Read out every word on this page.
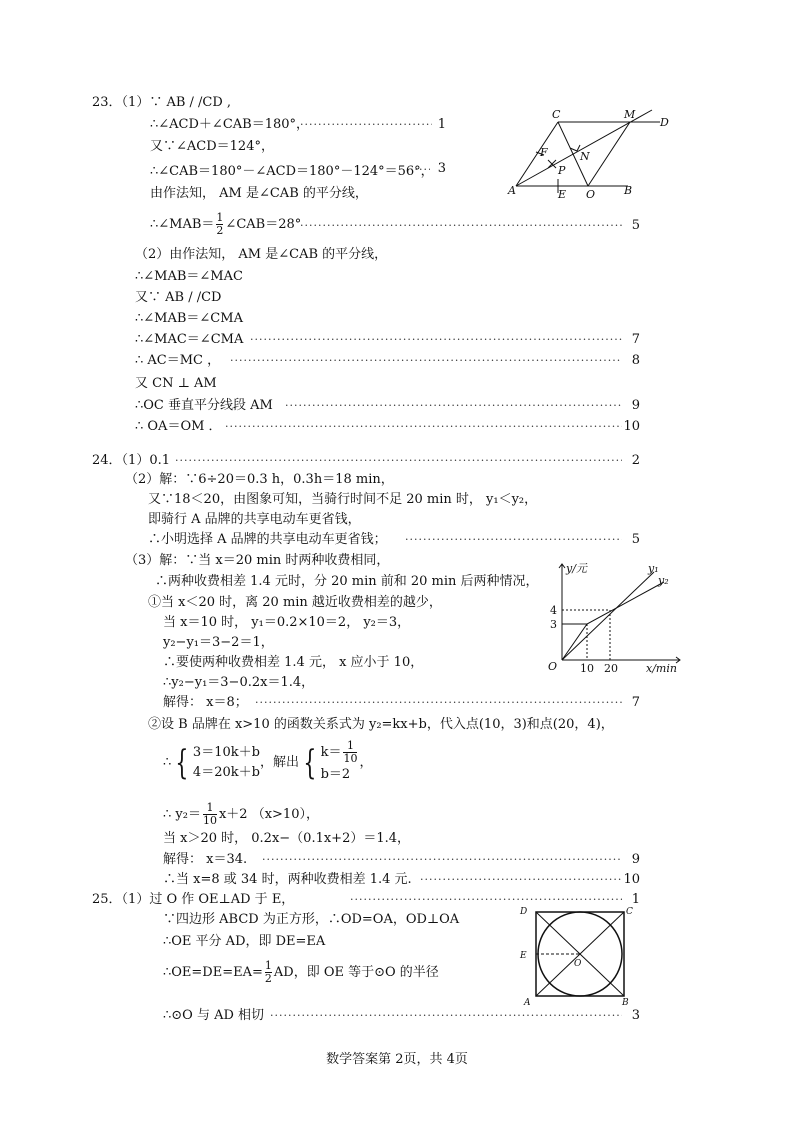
23．（1）∵ AB / /CD ,
∴∠ACD＋∠CAB＝180°， ·····	1
又∵∠ACD＝124°，
∴∠CAB＝180°－∠ACD＝180°－124°＝56°， ····· 3
由作法知， AM 是∠CAB 的平分线，
∴∠MAB＝ $\frac{1}{2}$ ∠CAB＝28° ·····	5
（2）由作法知， AM 是∠CAB 的平分线，
∴∠MAB＝∠MAC
又∵ AB / /CD
∴∠MAB＝∠CMA
∴∠MAC＝∠CMA ·····	7
∴ AC＝MC ， ·····	8
又 CN ⊥ AM
∴OC 垂直平分线段 AM ·····	9
∴ OA＝OM ． ·····	10
C	M
D
F	N
P
A	E O	B
24．（1）0.1 ·····	2
（2）解：∵6÷20＝0.3 h，0.3h＝18 min，
又∵18＜20，由图象可知，当骑行时间不足 20 min 时， y₁＜y₂，
即骑行 A 品牌的共享电动车更省钱，
∴小明选择 A 品牌的共享电动车更省钱； ·····	5
（3）解：∵当 x＝20 min 时两种收费相同，
∴两种收费相差 1.4 元时，分 20 min 前和 20 min 后两种情况，
①当 x＜20 时，离 20 min 越近收费相差的越少，
当 x＝10 时， y₁＝0.2×10＝2， y₂＝3，
y₂−y₁＝3−2＝1，
∴要使两种收费相差 1.4 元， x 应小于 10，
∴y₂−y₁＝3−0.2x＝1.4，
解得： x＝8； ·····	7
②设 B 品牌在 x>10 的函数关系式为 y₂=kx+b，代入点(10，3)和点(20，4)，
∴ { 3＝10k＋b
4＝20k＋b
，解出 { $k= \frac{1}{10}$
b＝2
，
∴ $y_2= \frac{1}{10} x+2$ （x>10），
当 x＞20 时， 0.2x−（0.1x+2）＝1.4，
解得： x＝34. ·····	9
∴当 x=8 或 34 时，两种收费相差 1.4 元. ·····	10
y/元
x/min
O
y₁
y₂
4
3
10 20
25．（1）过 O 作 OE⊥AD 于 E， ·····	1
∵四边形 ABCD 为正方形，∴OD=OA，OD⊥OA
∴OE 平分 AD，即 DE=EA
∴OE=DE=EA= $\frac{1}{2}$ AD，即 OE 等于⊙O 的半径
∴⊙O 与 AD 相切 ·····	3
D	C
E
O
A	B
数学答案第 2页，共 4页
